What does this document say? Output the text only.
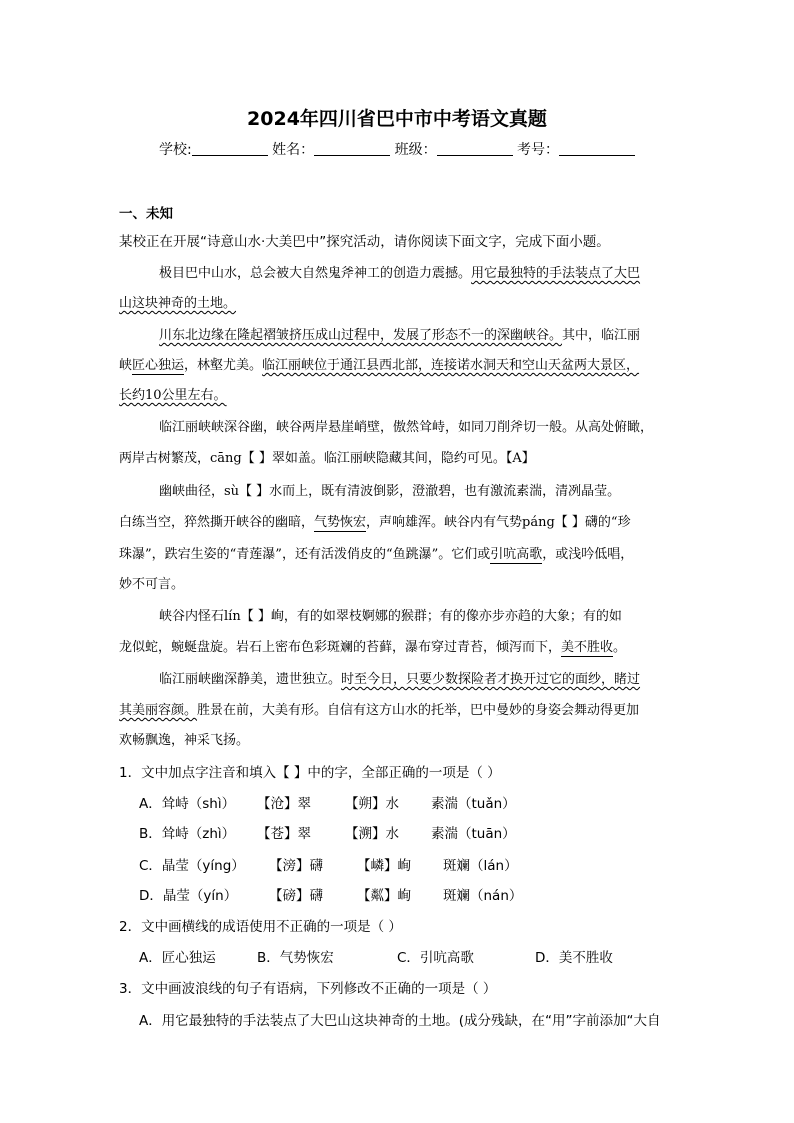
2024年四川省巴中市中考语文真题
学校:	姓名：	班级：	考号：
一、未知
某校正在开展“诗意山水·大美巴中”探究活动，请你阅读下面文字，完成下面小题。
极目巴中山水，总会被大自然鬼斧神工的创造力震撼。用它最独特的手法装点了大巴
山这块神奇的土地。
川东北边缘在隆起褶皱挤压成山过程中，发展了形态不一的深幽峡谷。其中，临江丽
峡匠心独运，林壑尤美。临江丽峡位于通江县西北部，连接诺水洞天和空山天盆两大景区，
长约10公里左右。
临江丽峡峡深谷幽，峡谷两岸悬崖峭壁，傲然耸峙，如同刀削斧切一般。从高处俯瞰，
两岸古树繁茂，cāng【 】翠如盖。临江丽峡隐藏其间，隐约可见。【A】
幽峡曲径，sù【 】水而上，既有清波倒影，澄澈碧，也有激流素湍，清冽晶莹。
白练当空，猝然撕开峡谷的幽暗，气势恢宏，声响雄浑。峡谷内有气势páng【 】礴的“珍
珠瀑”，跌宕生姿的“青莲瀑”，还有活泼俏皮的“鱼跳瀑”。它们或引吭高歌，或浅吟低唱，
妙不可言。
峡谷内怪石lín【 】峋，有的如翠枝婀娜的猴群；有的像亦步亦趋的大象；有的如
龙似蛇，蜿蜒盘旋。岩石上密布色彩斑斓的苔藓，瀑布穿过青苔，倾泻而下，美不胜收。
临江丽峡幽深静美，遗世独立。时至今日，只要少数探险者才换开过它的面纱，睹过
其美丽容颜。胜景在前，大美有形。自信有这方山水的托举，巴中曼妙的身姿会舞动得更加
欢畅飘逸，神采飞扬。
1．文中加点字注音和填入【 】中的字，全部正确的一项是（ ）
A．耸峙（shì） 【沧】翠	【朔】水 素湍（tuǎn）
B．耸峙（zhì） 【苍】翠	【溯】水 素湍（tuān）
C．晶莹（yíng） 【滂】礴	【嶙】峋 斑斓（lán）
D．晶莹（yín） 【磅】礴	【粼】峋 斑斓（nán）
2．文中画横线的成语使用不正确的一项是（ ）
A．匠心独运	B．气势恢宏	C．引吭高歌	D．美不胜收
3．文中画波浪线的句子有语病，下列修改不正确的一项是（ ）
A．用它最独特的手法装点了大巴山这块神奇的土地。(成分残缺，在“用”字前添加“大自
